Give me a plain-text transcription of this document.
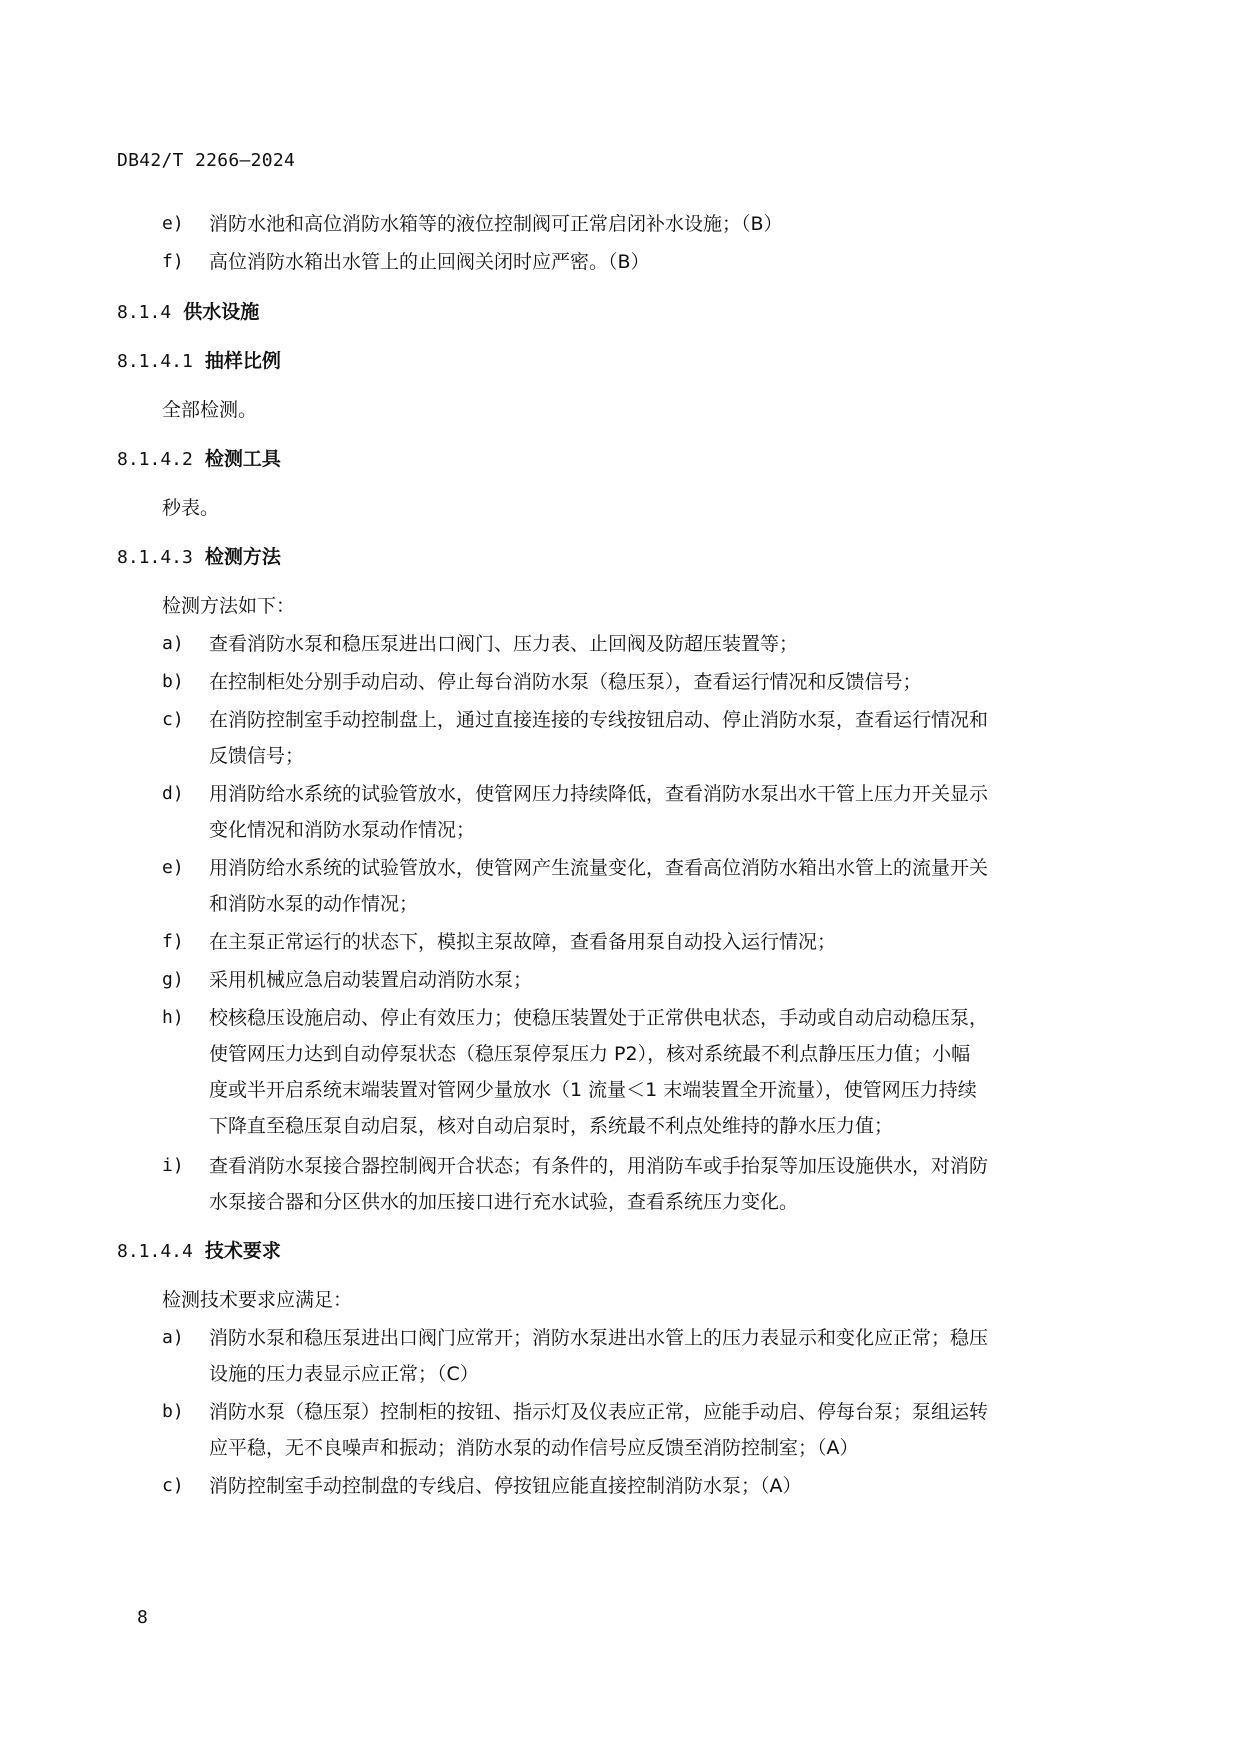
DB42/T 2266—2024
e) 消防水池和高位消防水箱等的液位控制阀可正常启闭补水设施；（B）
f) 高位消防水箱出水管上的止回阀关闭时应严密。（B）
8.1.4 供水设施
8.1.4.1 抽样比例
全部检测。
8.1.4.2 检测工具
秒表。
8.1.4.3 检测方法
检测方法如下：
a) 查看消防水泵和稳压泵进出口阀门、压力表、止回阀及防超压装置等；
b) 在控制柜处分别手动启动、停止每台消防水泵（稳压泵），查看运行情况和反馈信号；
c) 在消防控制室手动控制盘上，通过直接连接的专线按钮启动、停止消防水泵，查看运行情况和
反馈信号；
d) 用消防给水系统的试验管放水，使管网压力持续降低，查看消防水泵出水干管上压力开关显示
变化情况和消防水泵动作情况；
e) 用消防给水系统的试验管放水，使管网产生流量变化，查看高位消防水箱出水管上的流量开关
和消防水泵的动作情况；
f) 在主泵正常运行的状态下，模拟主泵故障，查看备用泵自动投入运行情况；
g) 采用机械应急启动装置启动消防水泵；
h) 校核稳压设施启动、停止有效压力；使稳压装置处于正常供电状态，手动或自动启动稳压泵，
使管网压力达到自动停泵状态（稳压泵停泵压力 P2），核对系统最不利点静压压力值；小幅
度或半开启系统末端装置对管网少量放水（1 流量＜1 末端装置全开流量），使管网压力持续
下降直至稳压泵自动启泵，核对自动启泵时，系统最不利点处维持的静水压力值；
i) 查看消防水泵接合器控制阀开合状态；有条件的，用消防车或手抬泵等加压设施供水，对消防
水泵接合器和分区供水的加压接口进行充水试验，查看系统压力变化。
8.1.4.4 技术要求
检测技术要求应满足：
a) 消防水泵和稳压泵进出口阀门应常开；消防水泵进出水管上的压力表显示和变化应正常；稳压
设施的压力表显示应正常；（C）
b) 消防水泵（稳压泵）控制柜的按钮、指示灯及仪表应正常，应能手动启、停每台泵；泵组运转
应平稳，无不良噪声和振动；消防水泵的动作信号应反馈至消防控制室；（A）
c) 消防控制室手动控制盘的专线启、停按钮应能直接控制消防水泵；（A）
8
